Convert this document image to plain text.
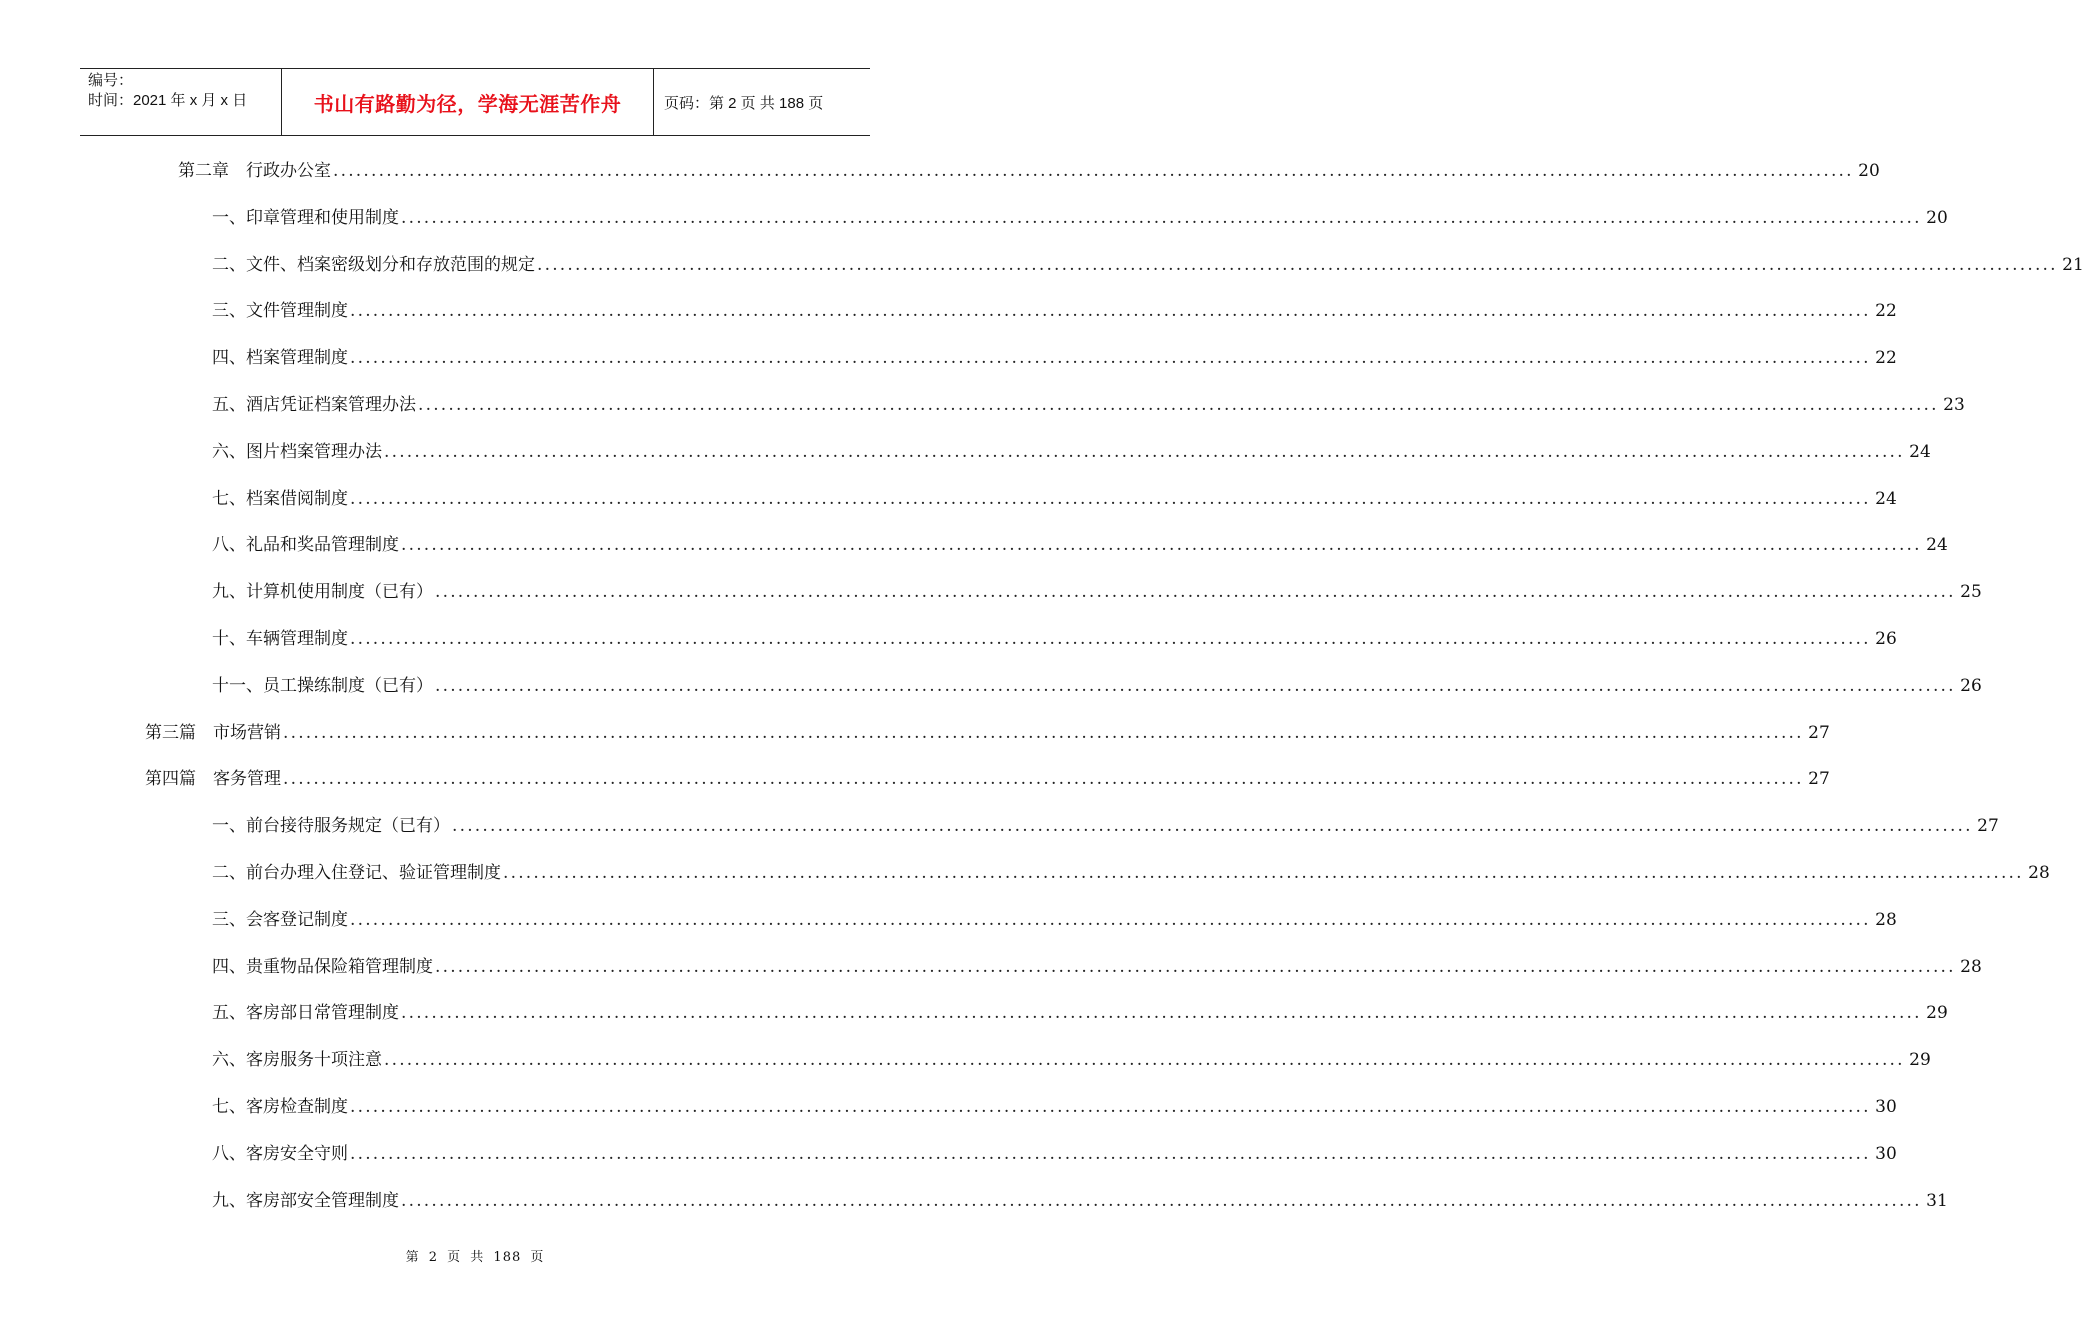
编号：
时间：2021 年 x 月 x 日	书山有路勤为径，学海无涯苦作舟	页码：第 2 页 共 188 页
第二章　行政办公室 ........................................................................................................................................................................................................ 20
一、印章管理和使用制度 ........................................................................................................................................................................................................ 20
二、文件、档案密级划分和存放范围的规定 ........................................................................................................................................................................................................ 21
三、文件管理制度 ........................................................................................................................................................................................................ 22
四、档案管理制度 ........................................................................................................................................................................................................ 22
五、酒店凭证档案管理办法 ........................................................................................................................................................................................................ 23
六、图片档案管理办法 ........................................................................................................................................................................................................ 24
七、档案借阅制度 ........................................................................................................................................................................................................ 24
八、礼品和奖品管理制度 ........................................................................................................................................................................................................ 24
九、计算机使用制度（已有） ........................................................................................................................................................................................................ 25
十、车辆管理制度 ........................................................................................................................................................................................................ 26
十一、员工操练制度（已有） ........................................................................................................................................................................................................ 26
第三篇　市场营销 ........................................................................................................................................................................................................ 27
第四篇　客务管理 ........................................................................................................................................................................................................ 27
一、前台接待服务规定（已有） ........................................................................................................................................................................................................ 27
二、前台办理入住登记、验证管理制度 ........................................................................................................................................................................................................ 28
三、会客登记制度 ........................................................................................................................................................................................................ 28
四、贵重物品保险箱管理制度 ........................................................................................................................................................................................................ 28
五、客房部日常管理制度 ........................................................................................................................................................................................................ 29
六、客房服务十项注意 ........................................................................................................................................................................................................ 29
七、客房检查制度 ........................................................................................................................................................................................................ 30
八、客房安全守则 ........................................................................................................................................................................................................ 30
九、客房部安全管理制度 ........................................................................................................................................................................................................ 31
第 2 页 共 188 页
